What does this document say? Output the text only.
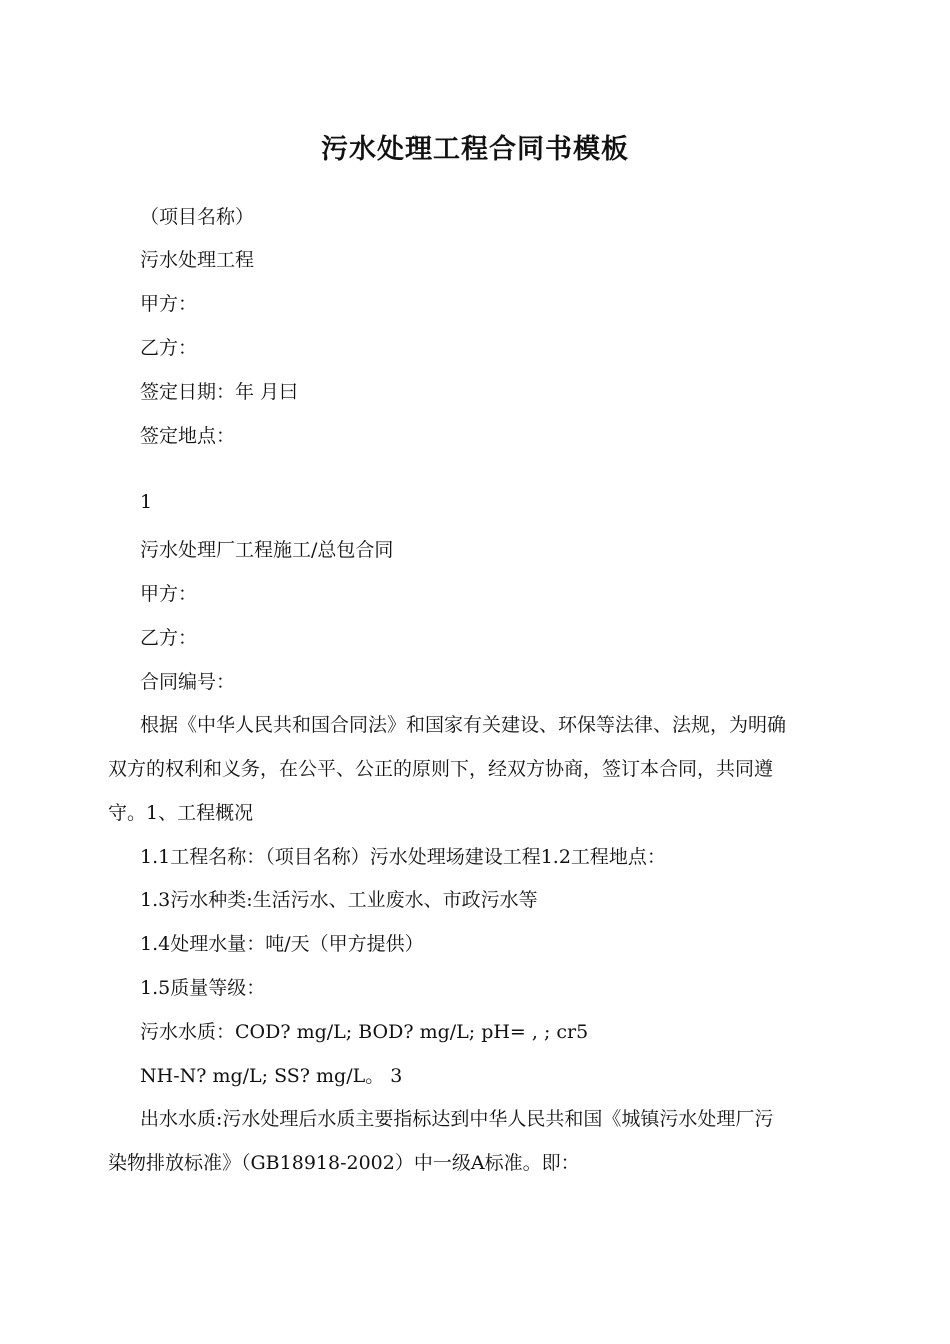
污水处理工程合同书模板
（项目名称）
污水处理工程
甲方：
乙方：
签定日期：年 月曰
签定地点：
1
污水处理厂工程施工/总包合同
甲方：
乙方：
合同编号：
根据《中华人民共和国合同法》和国家有关建设、环保等法律、法规，为明确
双方的权利和义务，在公平、公正的原则下，经双方协商，签订本合同，共同遵
守。1、工程概况
1.1工程名称：（项目名称）污水处理场建设工程1.2工程地点：
1.3污水种类:生活污水、工业废水、市政污水等
1.4处理水量：吨/天（甲方提供）
1.5质量等级：
污水水质：COD? mg/L; BOD? mg/L; pH= , ; cr5
NH-N? mg/L; SS? mg/L。 3
出水水质:污水处理后水质主要指标达到中华人民共和国《城镇污水处理厂污
染物排放标准》（GB18918-2002）中一级A标准。即：
